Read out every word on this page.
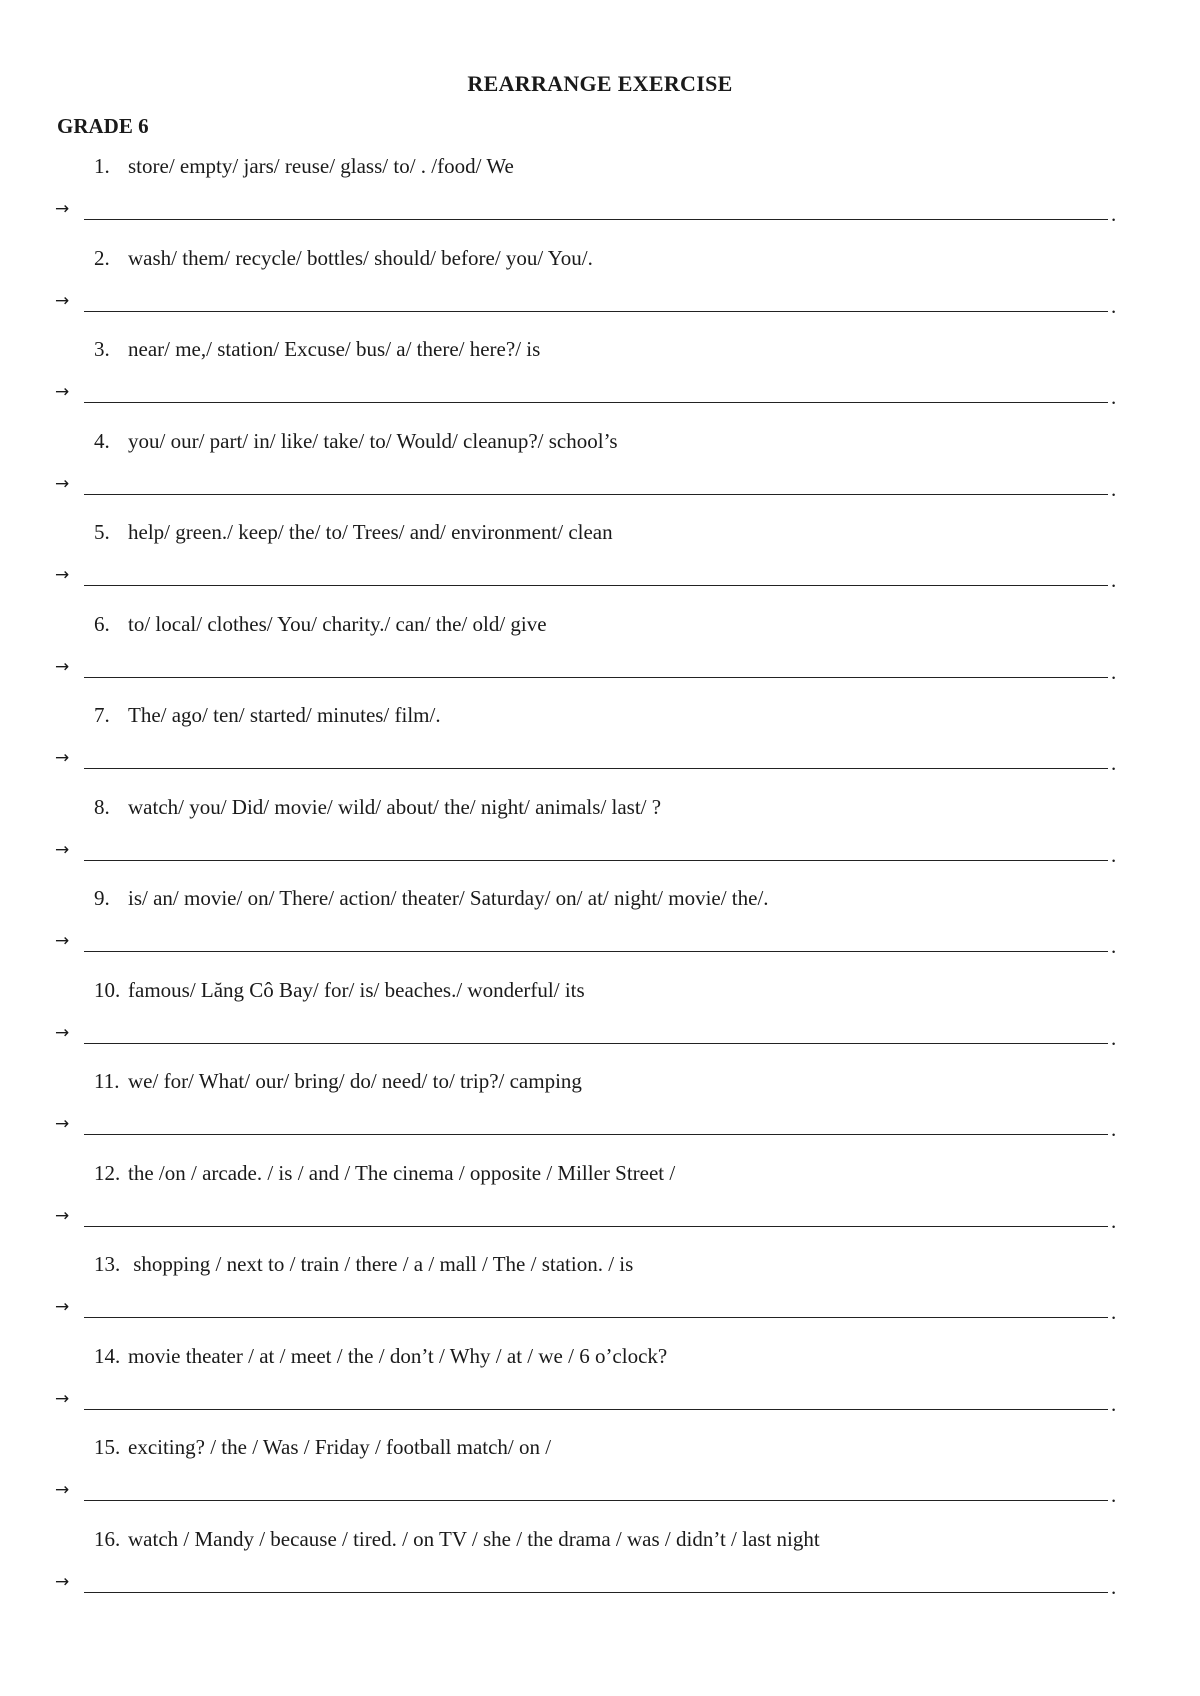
REARRANGE EXERCISE
GRADE 6
1. store/ empty/ jars/ reuse/ glass/ to/ . /food/ We
→	.
2. wash/ them/ recycle/ bottles/ should/ before/ you/ You/.
→	.
3. near/ me,/ station/ Excuse/ bus/ a/ there/ here?/ is
→	.
4. you/ our/ part/ in/ like/ take/ to/ Would/ cleanup?/ school’s
→	.
5. help/ green./ keep/ the/ to/ Trees/ and/ environment/ clean
→	.
6. to/ local/ clothes/ You/ charity./ can/ the/ old/ give
→	.
7. The/ ago/ ten/ started/ minutes/ film/.
→	.
8. watch/ you/ Did/ movie/ wild/ about/ the/ night/ animals/ last/ ?
→	.
9. is/ an/ movie/ on/ There/ action/ theater/ Saturday/ on/ at/ night/ movie/ the/.
→	.
10. famous/ Lăng Cô Bay/ for/ is/ beaches./ wonderful/ its
→	.
11. we/ for/ What/ our/ bring/ do/ need/ to/ trip?/ camping
→	.
12. the /on / arcade. / is / and / The cinema / opposite / Miller Street /
→	.
13. shopping / next to / train / there / a / mall / The / station. / is
→	.
14. movie theater / at / meet / the / don’t / Why / at / we / 6 o’clock?
→	.
15. exciting? / the / Was / Friday / football match/ on /
→	.
16. watch / Mandy / because / tired. / on TV / she / the drama / was / didn’t / last night
→	.
